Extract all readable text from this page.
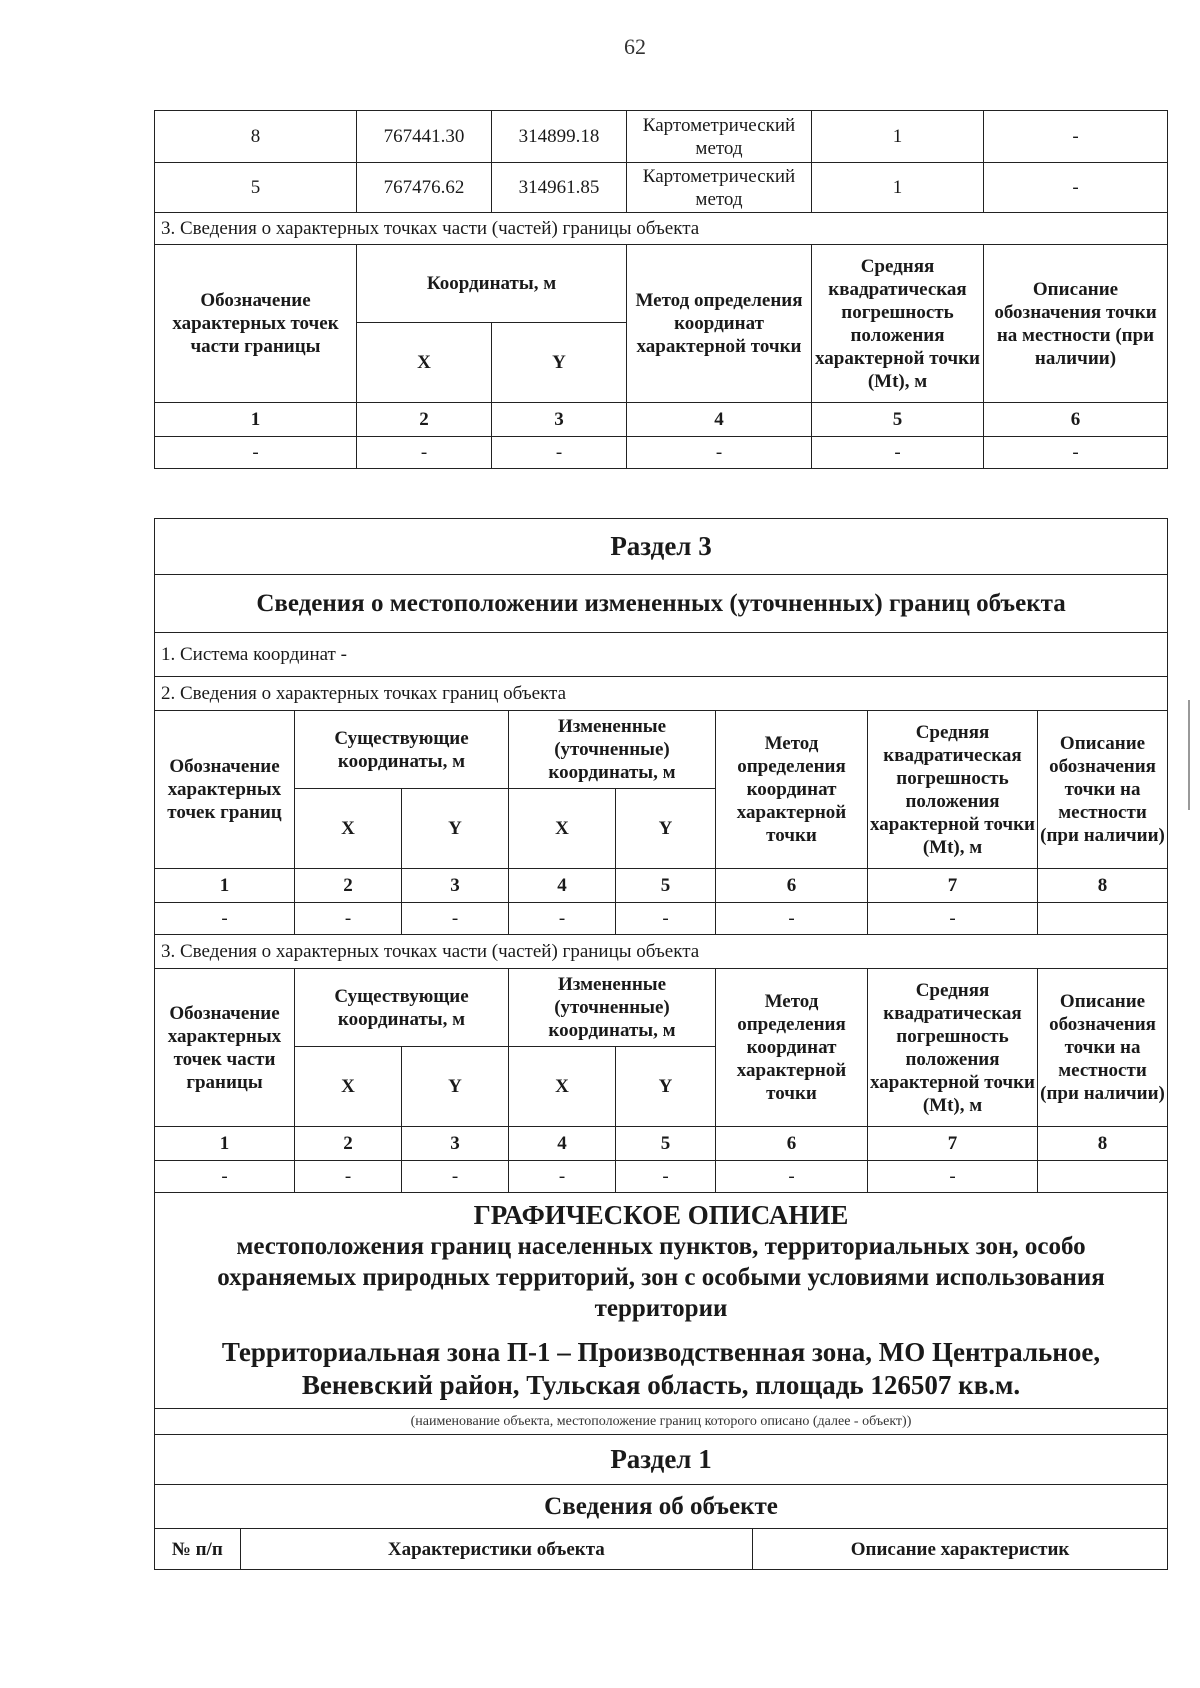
62
8	767441.30	314899.18	Картометрический метод	1	-
5	767476.62	314961.85	Картометрический метод	1	-
3. Сведения о характерных точках части (частей) границы объекта					
Обозначение характерных точек части границы	Координаты, м		Метод определения координат характерной точки	Средняя квадратическая погрешность положения характерной точки (Mt), м	Описание обозначения точки на местности (при наличии)
	X	Y			
1	2	3	4	5	6
-	-	-	-	-	-
Раздел 3
Сведения о местоположении измененных (уточненных) границ объекта
1. Система координат -
2. Сведения о характерных точках границ объекта
Обозначение характерных точек границ	Существующие координаты, м	Измененные (уточненные) координаты, м	Метод определения координат характерной точки	Средняя квадратическая погрешность положения характерной точки (Mt), м	Описание обозначения точки на местности (при наличии)
X	Y	X	Y
1	2	3	4	5	6	7	8
-	-	-	-	-	-	-	
3. Сведения о характерных точках части (частей) границы объекта
Обозначение характерных точек части границы	Существующие координаты, м	Измененные (уточненные) координаты, м	Метод определения координат характерной точки	Средняя квадратическая погрешность положения характерной точки (Mt), м	Описание обозначения точки на местности (при наличии)
X	Y	X	Y
1	2	3	4	5	6	7	8
-	-	-	-	-	-	-	

ГРАФИЧЕСКОЕ ОПИСАНИЕ
местоположения границ населенных пунктов, территориальных зон, особо охраняемых природных территорий, зон с особыми условиями использования территории
Территориальная зона П-1 – Производственная зона, МО Центральное,
Веневский район, Тульская область, площадь 126507 кв.м.

(наименование объекта, местоположение границ которого описано (далее - объект))
Раздел 1
Сведения об объекте

№ п/п	Характеристики объекта	Описание характеристик
